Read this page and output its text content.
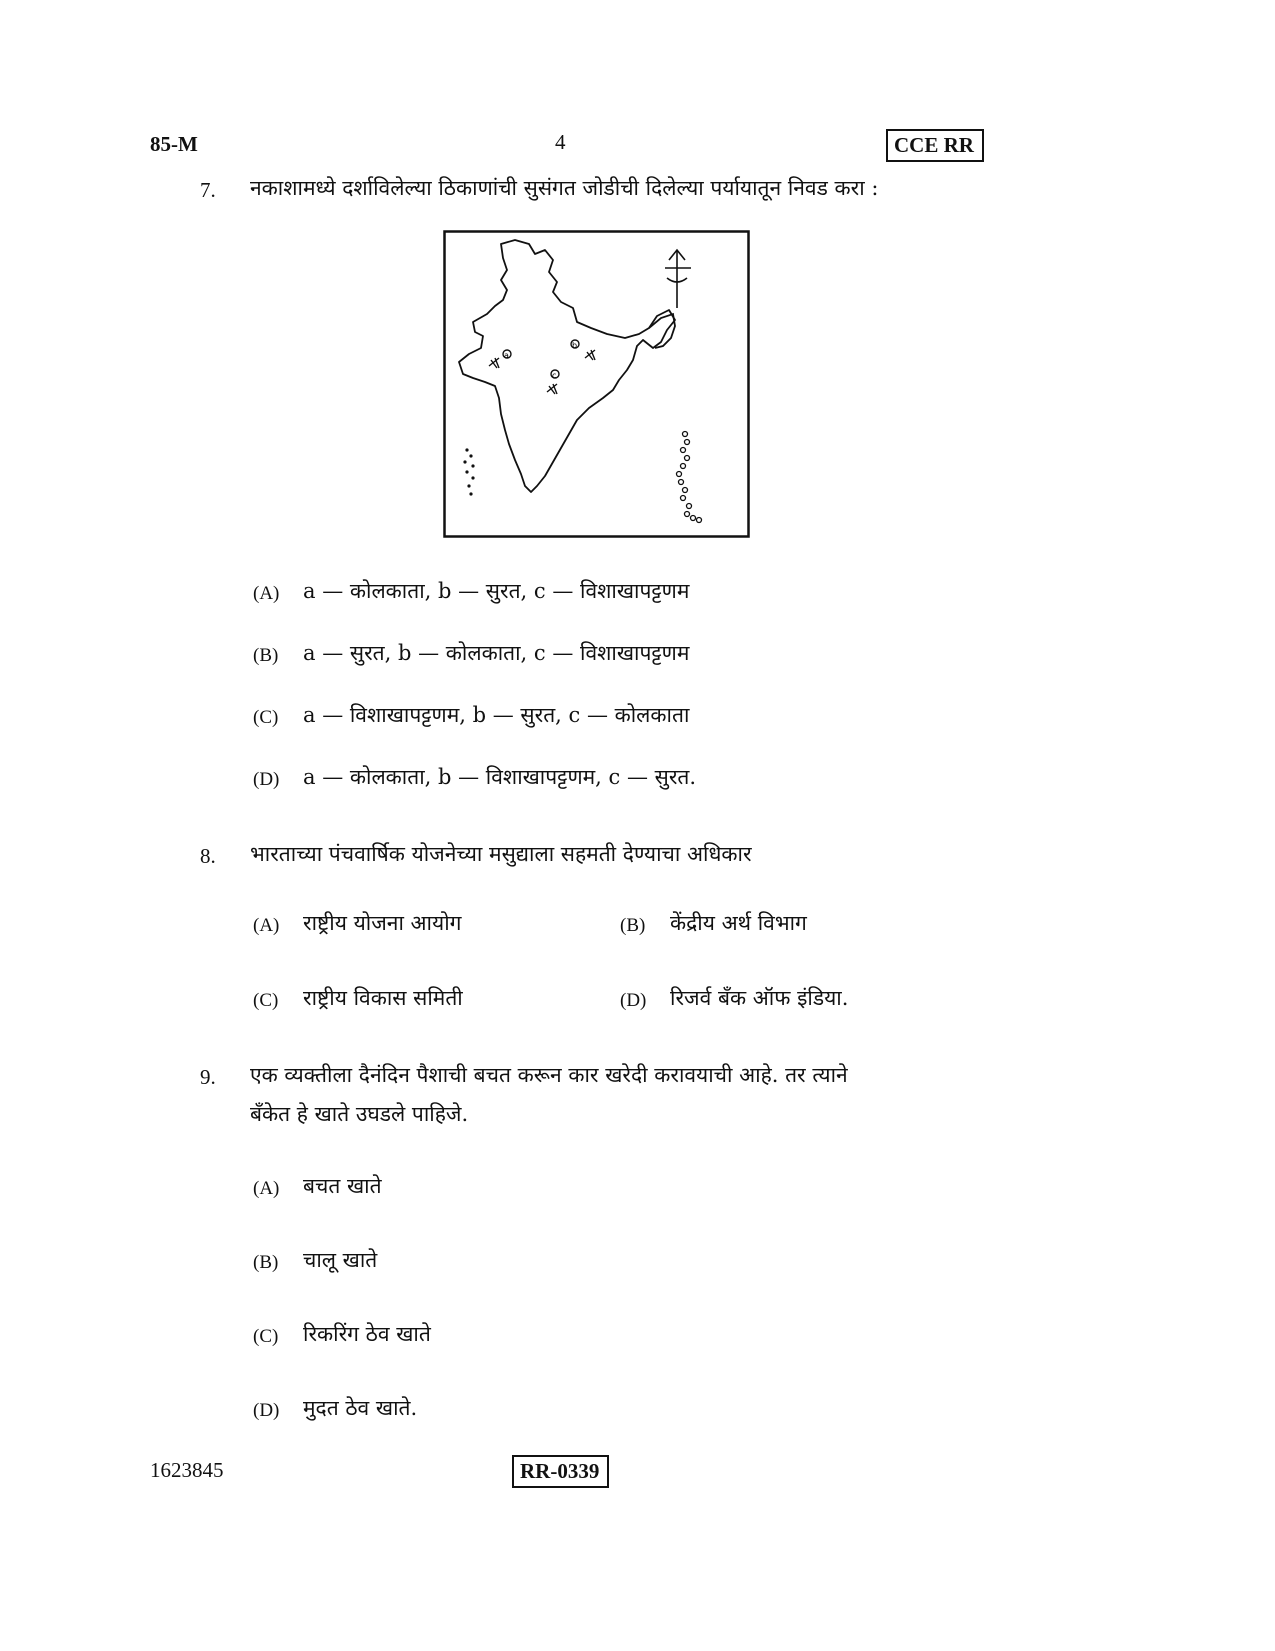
85-M	4	CCE RR
7. नकाशामध्ये दर्शाविलेल्या ठिकाणांची सुसंगत जोडीची दिलेल्या पर्यायातून निवड करा :
a
b
c
(A) a — कोलकाता, b — सुरत, c — विशाखापट्टणम
(B) a — सुरत, b — कोलकाता, c — विशाखापट्टणम
(C) a — विशाखापट्टणम, b — सुरत, c — कोलकाता
(D) a — कोलकाता, b — विशाखापट्टणम, c — सुरत.
8. भारताच्या पंचवार्षिक योजनेच्या मसुद्याला सहमती देण्याचा अधिकार
(A) राष्ट्रीय योजना आयोग	(B) केंद्रीय अर्थ विभाग
(C) राष्ट्रीय विकास समिती	(D) रिजर्व बँक ऑफ इंडिया.
9. एक व्यक्तीला दैनंदिन पैशाची बचत करून कार खरेदी करावयाची आहे. तर त्याने
बँकेत हे खाते उघडले पाहिजे.
(A) बचत खाते
(B) चालू खाते
(C) रिकरिंग ठेव खाते
(D) मुदत ठेव खाते.
1623845	RR-0339
